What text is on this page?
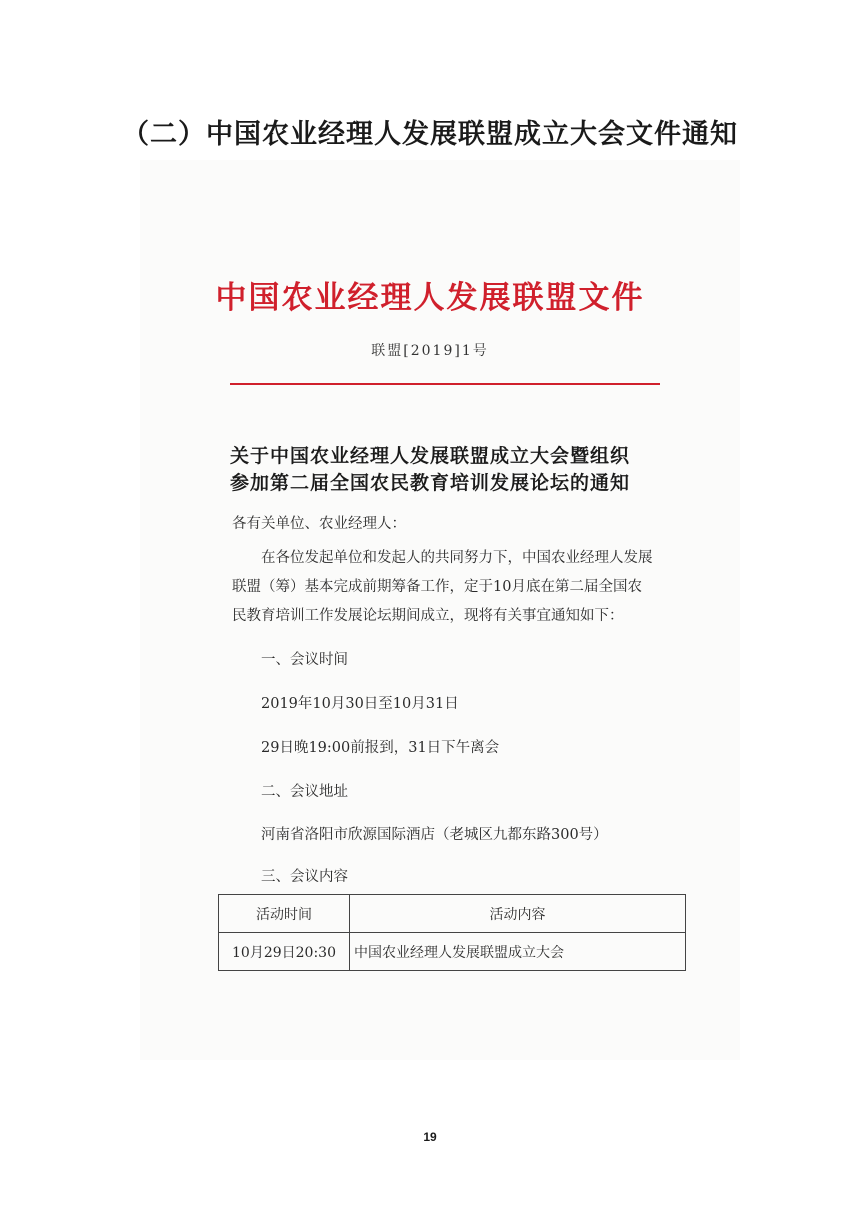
（二）中国农业经理人发展联盟成立大会文件通知
中国农业经理人发展联盟文件
联盟[2019]1号
关于中国农业经理人发展联盟成立大会暨组织
参加第二届全国农民教育培训发展论坛的通知
各有关单位、农业经理人：
在各位发起单位和发起人的共同努力下，中国农业经理人发展
联盟（筹）基本完成前期筹备工作，定于10月底在第二届全国农
民教育培训工作发展论坛期间成立，现将有关事宜通知如下：
一、会议时间
2019年10月30日至10月31日
29日晚19:00前报到，31日下午离会
二、会议地址
河南省洛阳市欣源国际酒店（老城区九都东路300号）
三、会议内容
活动时间	活动内容
10月29日20:30	中国农业经理人发展联盟成立大会
19
